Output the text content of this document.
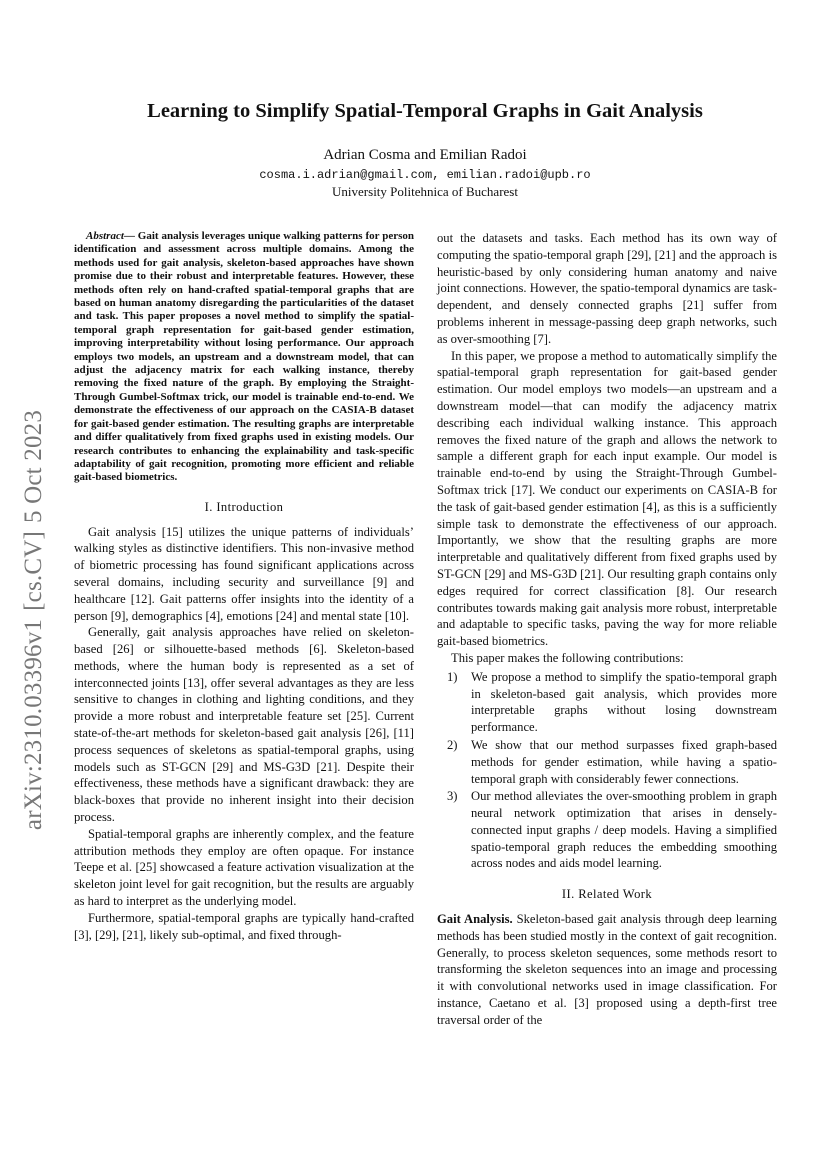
arXiv:2310.03396v1
[cs.CV]
5 Oct 2023
Learning to Simplify Spatial-Temporal Graphs in Gait Analysis
Adrian Cosma and Emilian Radoi
cosma.i.adrian@gmail.com, emilian.radoi@upb.ro
University Politehnica of Bucharest

Abstract— Gait analysis leverages unique walking patterns for person identification and assessment across multiple domains. Among the methods used for gait analysis, skeleton-based approaches have shown promise due to their robust and interpretable features. However, these methods often rely on hand-crafted spatial-temporal graphs that are based on human anatomy disregarding the particularities of the dataset and task. This paper proposes a novel method to simplify the spatial-temporal graph representation for gait-based gender estimation, improving interpretability without losing performance. Our approach employs two models, an upstream and a downstream model, that can adjust the adjacency matrix for each walking instance, thereby removing the fixed nature of the graph. By employing the Straight-Through Gumbel-Softmax trick, our model is trainable end-to-end. We demonstrate the effectiveness of our approach on the CASIA-B dataset for gait-based gender estimation. The resulting graphs are interpretable and differ qualitatively from fixed graphs used in existing models. Our research contributes to enhancing the explainability and task-specific adaptability of gait recognition, promoting more efficient and reliable gait-based biometrics.

I. Introduction

Gait analysis [15] utilizes the unique patterns of individuals’ walking styles as distinctive identifiers. This non-invasive method of biometric processing has found significant applications across several domains, including security and surveillance [9] and healthcare [12]. Gait patterns offer insights into the identity of a person [9], demographics [4], emotions [24] and mental state [10].

Generally, gait analysis approaches have relied on skeleton-based [26] or silhouette-based methods [6]. Skeleton-based methods, where the human body is represented as a set of interconnected joints [13], offer several advantages as they are less sensitive to changes in clothing and lighting conditions, and they provide a more robust and interpretable feature set [25]. Current state-of-the-art methods for skeleton-based gait analysis [26], [11] process sequences of skeletons as spatial-temporal graphs, using models such as ST-GCN [29] and MS-G3D [21]. Despite their effectiveness, these methods have a significant drawback: they are black-boxes that provide no inherent insight into their decision process.

Spatial-temporal graphs are inherently complex, and the feature attribution methods they employ are often opaque. For instance Teepe et al. [25] showcased a feature activation visualization at the skeleton joint level for gait recognition, but the results are arguably as hard to interpret as the underlying model.

Furthermore, spatial-temporal graphs are typically hand-crafted [3], [29], [21], likely sub-optimal, and fixed through-

out the datasets and tasks. Each method has its own way of computing the spatio-temporal graph [29], [21] and the approach is heuristic-based by only considering human anatomy and naive joint connections. However, the spatio-temporal dynamics are task-dependent, and densely connected graphs [21] suffer from problems inherent in message-passing deep graph networks, such as over-smoothing [7].

In this paper, we propose a method to automatically simplify the spatial-temporal graph representation for gait-based gender estimation. Our model employs two models—an upstream and a downstream model—that can modify the adjacency matrix describing each individual walking instance. This approach removes the fixed nature of the graph and allows the network to sample a different graph for each input example. Our model is trainable end-to-end by using the Straight-Through Gumbel-Softmax trick [17]. We conduct our experiments on CASIA-B for the task of gait-based gender estimation [4], as this is a sufficiently simple task to demonstrate the effectiveness of our approach. Importantly, we show that the resulting graphs are more interpretable and qualitatively different from fixed graphs used by ST-GCN [29] and MS-G3D [21]. Our resulting graph contains only edges required for correct classification [8]. Our research contributes towards making gait analysis more robust, interpretable and adaptable to specific tasks, paving the way for more reliable gait-based biometrics.

This paper makes the following contributions:

1) We propose a method to simplify the spatio-temporal graph in skeleton-based gait analysis, which provides more interpretable graphs without losing downstream performance.
2) We show that our method surpasses fixed graph-based methods for gender estimation, while having a spatio-temporal graph with considerably fewer connections.
3) Our method alleviates the over-smoothing problem in graph neural network optimization that arises in densely-connected input graphs / deep models. Having a simplified spatio-temporal graph reduces the embedding smoothing across nodes and aids model learning.
II. Related Work

Gait Analysis. Skeleton-based gait analysis through deep learning methods has been studied mostly in the context of gait recognition. Generally, to process skeleton sequences, some methods resort to transforming the skeleton sequences into an image and processing it with convolutional networks used in image classification. For instance, Caetano et al. [3] proposed using a depth-first tree traversal order of the
